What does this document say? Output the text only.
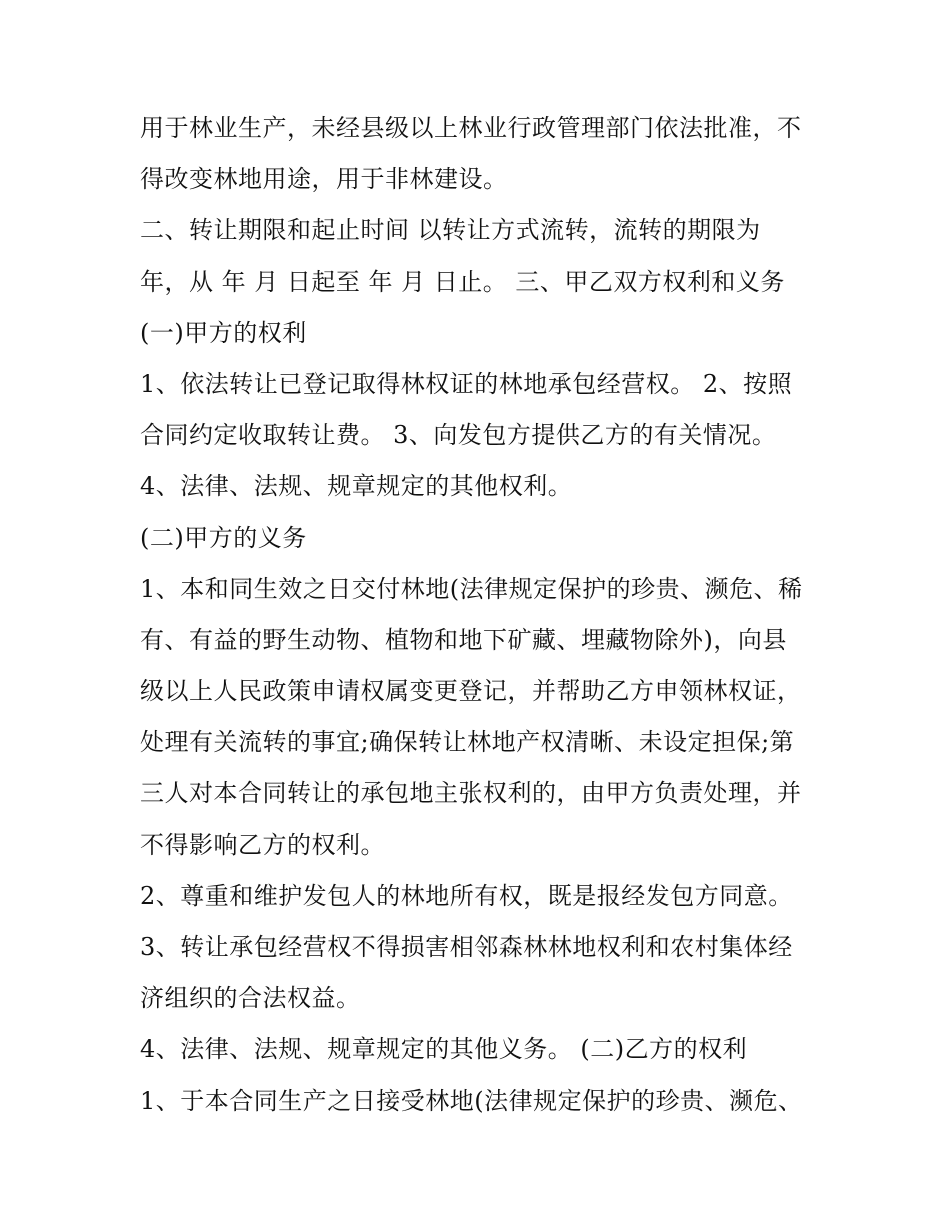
用于林业生产，未经县级以上林业行政管理部门依法批准，不
得改变林地用途，用于非林建设。
二、转让期限和起止时间 以转让方式流转，流转的期限为
年，从 年 月 日起至 年 月 日止。 三、甲乙双方权利和义务
(一)甲方的权利
1、依法转让已登记取得林权证的林地承包经营权。 2、按照
合同约定收取转让费。 3、向发包方提供乙方的有关情况。
4、法律、法规、规章规定的其他权利。
(二)甲方的义务
1、本和同生效之日交付林地(法律规定保护的珍贵、濒危、稀
有、有益的野生动物、植物和地下矿藏、埋藏物除外)，向县
级以上人民政策申请权属变更登记，并帮助乙方申领林权证，
处理有关流转的事宜;确保转让林地产权清晰、未设定担保;第
三人对本合同转让的承包地主张权利的，由甲方负责处理，并
不得影响乙方的权利。
2、尊重和维护发包人的林地所有权，既是报经发包方同意。
3、转让承包经营权不得损害相邻森林林地权利和农村集体经
济组织的合法权益。
4、法律、法规、规章规定的其他义务。 (二)乙方的权利
1、于本合同生产之日接受林地(法律规定保护的珍贵、濒危、
